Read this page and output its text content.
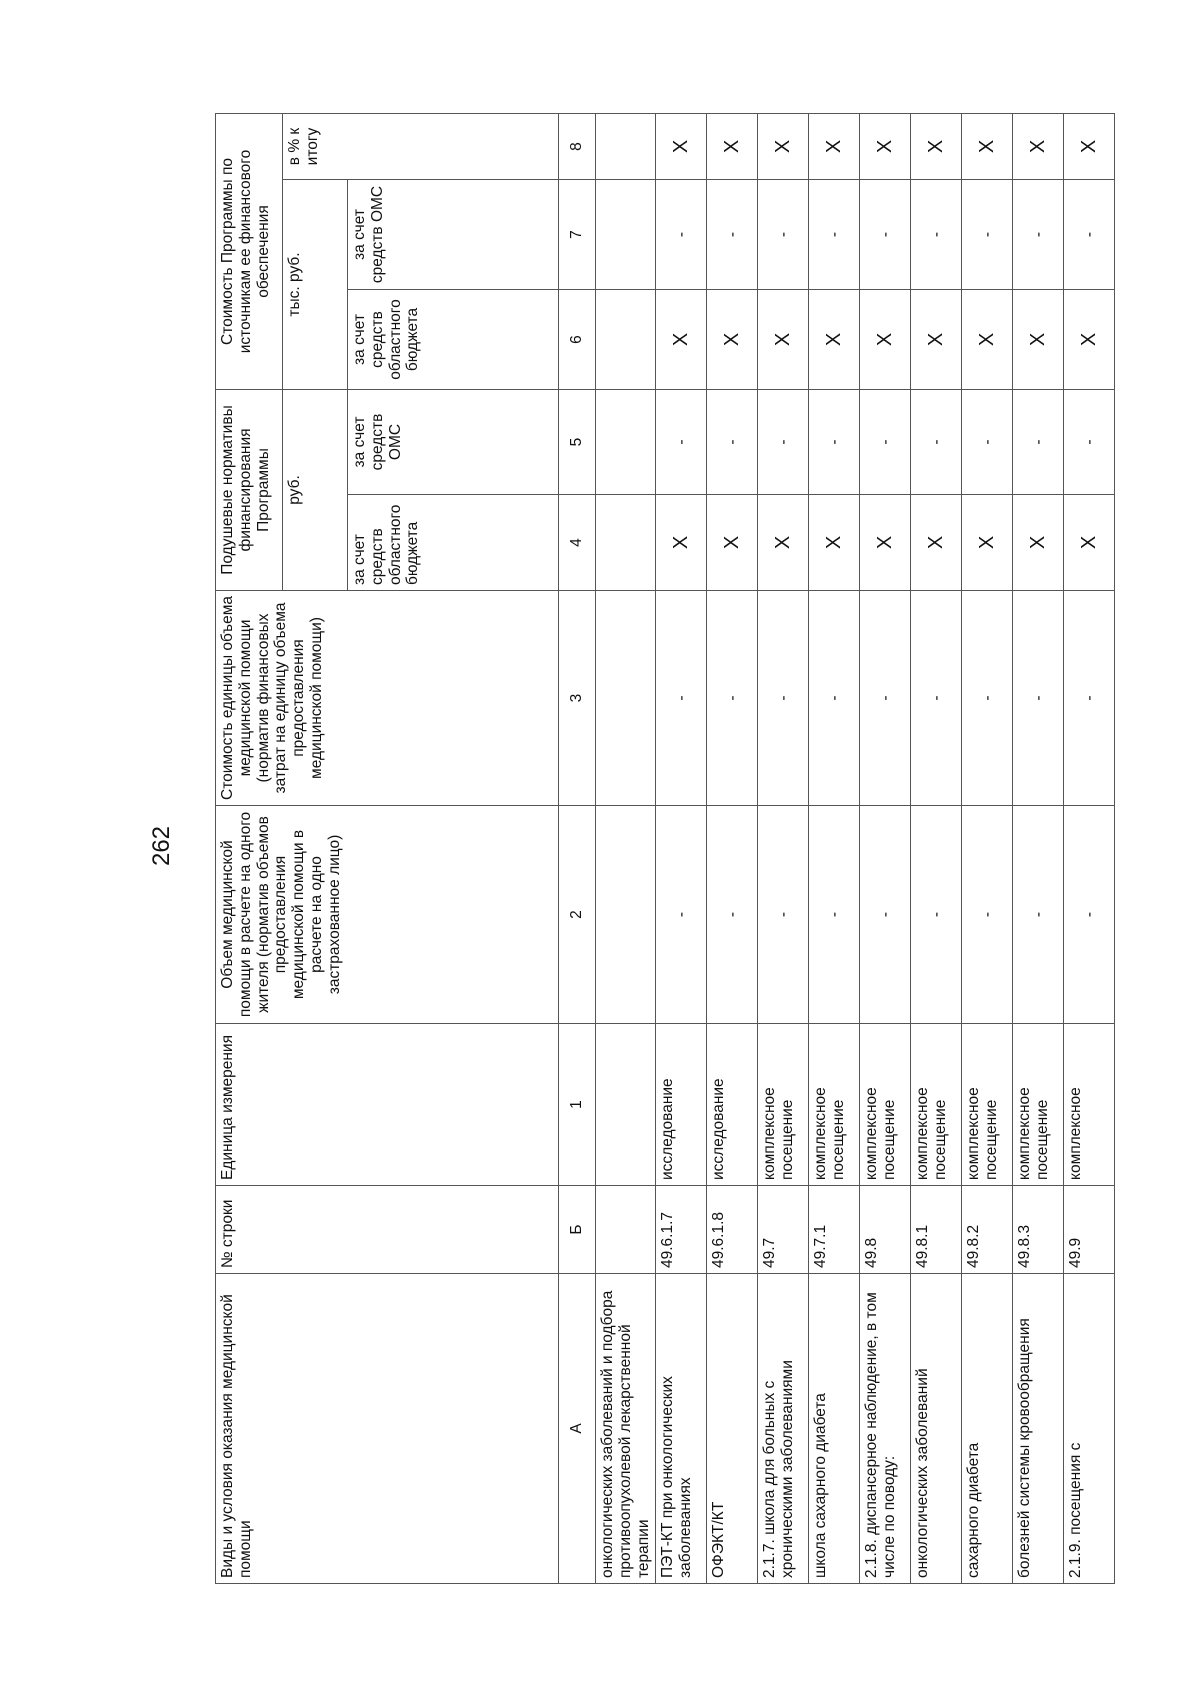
262
Виды и условия оказания медицинской помощи	№ строки	Единица измерения	Объем медицинской помощи в расчете на одного жителя (норматив объемов предоставления медицинской помощи в расчете на одно застрахованное лицо)	Стоимость единицы объема медицинской помощи (норматив финансовых затрат на единицу объема предоставления медицинской помощи)	Подушевые нормативы финансирования Программы		Стоимость Программы по источникам ее финансового обеспечения		
					руб.		тыс. руб.		в % к итогу
					за счет средств областного бюджета	за счет средств ОМС	за счет средств областного бюджета	за счет средств ОМС	
А	Б	1	2	3	4	5	6	7	8
онкологических заболеваний и подбора противоопухолевой лекарственной терапии									
ПЭТ-КТ при онкологических заболеваниях	49.6.1.7	исследование	-	-	X	-	X	-	X
ОФЭКТ/КТ	49.6.1.8	исследование	-	-	X	-	X	-	X
2.1.7. школа для больных с хроническими заболеваниями	49.7	комплексное посещение	-	-	X	-	X	-	X
школа сахарного диабета	49.7.1	комплексное посещение	-	-	X	-	X	-	X
2.1.8. диспансерное наблюдение, в том числе по поводу:	49.8	комплексное посещение	-	-	X	-	X	-	X
онкологических заболеваний	49.8.1	комплексное посещение	-	-	X	-	X	-	X
сахарного диабета	49.8.2	комплексное посещение	-	-	X	-	X	-	X
болезней системы кровообращения	49.8.3	комплексное посещение	-	-	X	-	X	-	X
2.1.9. посещения с	49.9	комплексное	-	-	X	-	X	-	X
